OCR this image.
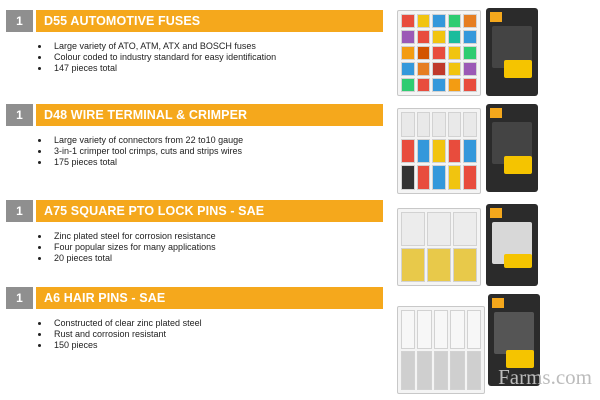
1	D55 AUTOMOTIVE FUSES
Large variety of ATO, ATM, ATX and BOSCH fuses
Colour coded to industry standard for easy identification
147 pieces total
1	D48 WIRE TERMINAL & CRIMPER
Large variety of connectors from 22 to10 gauge
3-in-1 crimper tool crimps, cuts and strips wires
175 pieces total
1	A75 SQUARE PTO LOCK PINS - SAE
Zinc plated steel for corrosion resistance
Four popular sizes for many applications
20 pieces total
1	A6 HAIR PINS - SAE
Constructed of clear zinc plated steel
Rust and corrosion resistant
150 pieces
Farms.com
